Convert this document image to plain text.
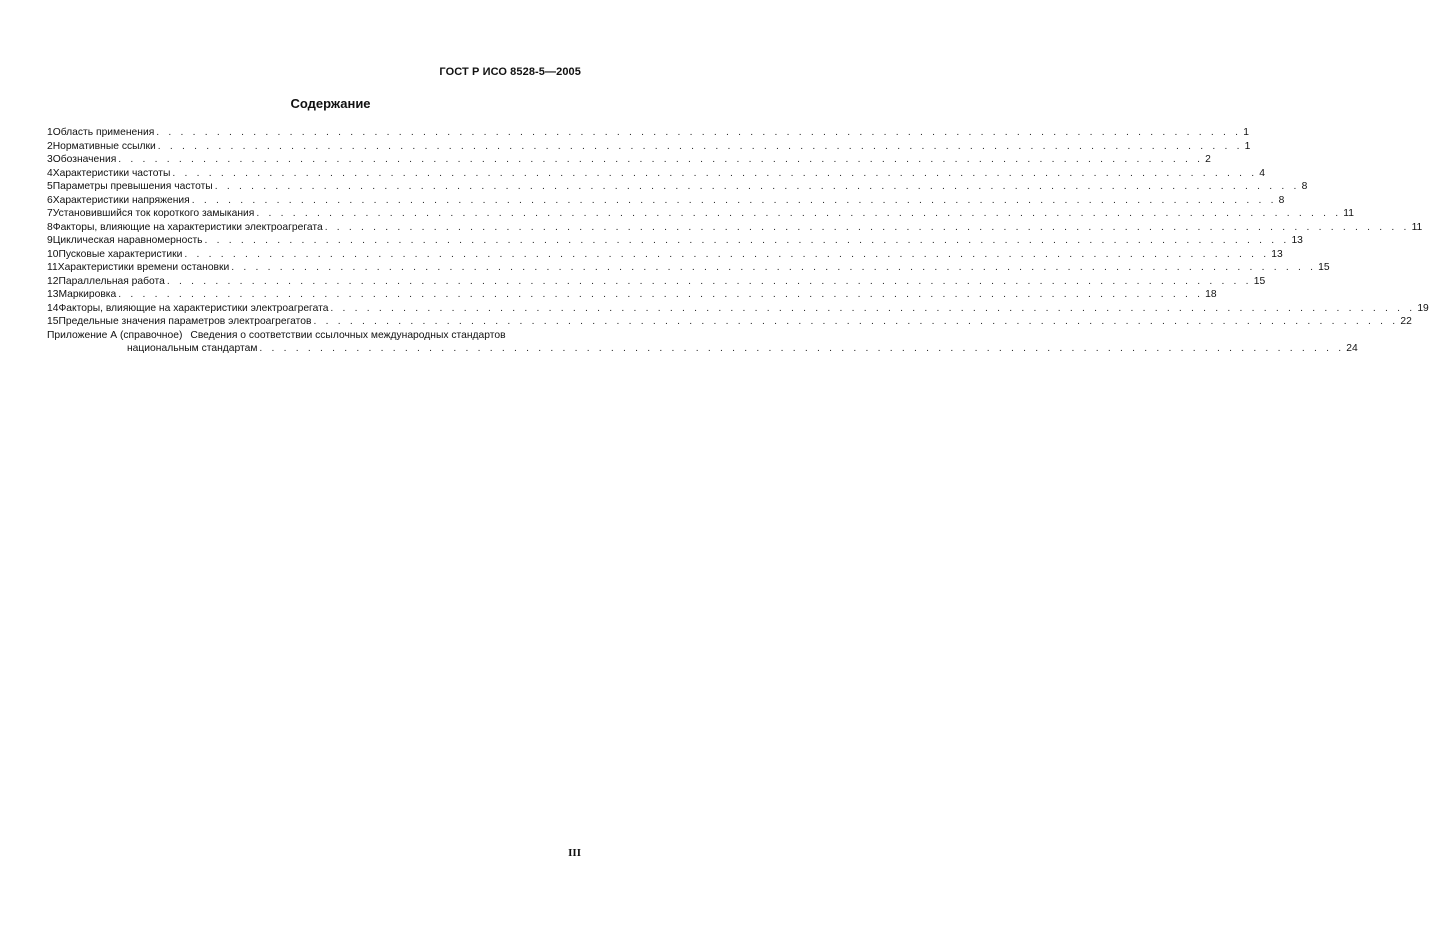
ГОСТ Р ИСО 8528-5—2005
Содержание
1 Область применения . . . . . . . . . . . . . . . . . . . . . . . . . . . . . . . . . . . . . . . . . . . . . . . . . . . . . . . . . . . . . . . . . . . . . . . . . . . . . . . . . . . . . . . . . . 1
2 Нормативные ссылки . . . . . . . . . . . . . . . . . . . . . . . . . . . . . . . . . . . . . . . . . . . . . . . . . . . . . . . . . . . . . . . . . . . . . . . . . . . . . . . . . . . . . . . . . . 1
3 Обозначения . . . . . . . . . . . . . . . . . . . . . . . . . . . . . . . . . . . . . . . . . . . . . . . . . . . . . . . . . . . . . . . . . . . . . . . . . . . . . . . . . . . . . . . . . . 2
4 Характеристики частоты . . . . . . . . . . . . . . . . . . . . . . . . . . . . . . . . . . . . . . . . . . . . . . . . . . . . . . . . . . . . . . . . . . . . . . . . . . . . . . . . . . . . . . . . . . 4
5 Параметры превышения частоты . . . . . . . . . . . . . . . . . . . . . . . . . . . . . . . . . . . . . . . . . . . . . . . . . . . . . . . . . . . . . . . . . . . . . . . . . . . . . . . . . . . . . . . . . . 8
6 Характеристики напряжения . . . . . . . . . . . . . . . . . . . . . . . . . . . . . . . . . . . . . . . . . . . . . . . . . . . . . . . . . . . . . . . . . . . . . . . . . . . . . . . . . . . . . . . . . . 8
7 Установившийся ток короткого замыкания . . . . . . . . . . . . . . . . . . . . . . . . . . . . . . . . . . . . . . . . . . . . . . . . . . . . . . . . . . . . . . . . . . . . . . . . . . . . . . . . . . . . . . . . . . 11
8 Факторы, влияющие на характеристики электроагрегата . . . . . . . . . . . . . . . . . . . . . . . . . . . . . . . . . . . . . . . . . . . . . . . . . . . . . . . . . . . . . . . . . . . . . . . . . . . . . . . . . . . . . . . . . . 11
9 Циклическая наравномерность . . . . . . . . . . . . . . . . . . . . . . . . . . . . . . . . . . . . . . . . . . . . . . . . . . . . . . . . . . . . . . . . . . . . . . . . . . . . . . . . . . . . . . . . . . 13
10 Пусковые характеристики . . . . . . . . . . . . . . . . . . . . . . . . . . . . . . . . . . . . . . . . . . . . . . . . . . . . . . . . . . . . . . . . . . . . . . . . . . . . . . . . . . . . . . . . . . 13
11 Характеристики времени остановки . . . . . . . . . . . . . . . . . . . . . . . . . . . . . . . . . . . . . . . . . . . . . . . . . . . . . . . . . . . . . . . . . . . . . . . . . . . . . . . . . . . . . . . . . . 15
12 Параллельная работа . . . . . . . . . . . . . . . . . . . . . . . . . . . . . . . . . . . . . . . . . . . . . . . . . . . . . . . . . . . . . . . . . . . . . . . . . . . . . . . . . . . . . . . . . . 15
13 Маркировка . . . . . . . . . . . . . . . . . . . . . . . . . . . . . . . . . . . . . . . . . . . . . . . . . . . . . . . . . . . . . . . . . . . . . . . . . . . . . . . . . . . . . . . . . . 18
14 Факторы, влияющие на характеристики электроагрегата . . . . . . . . . . . . . . . . . . . . . . . . . . . . . . . . . . . . . . . . . . . . . . . . . . . . . . . . . . . . . . . . . . . . . . . . . . . . . . . . . . . . . . . . . . 19
15 Предельные значения параметров электроагрегатов . . . . . . . . . . . . . . . . . . . . . . . . . . . . . . . . . . . . . . . . . . . . . . . . . . . . . . . . . . . . . . . . . . . . . . . . . . . . . . . . . . . . . . . . . . 22
Приложение А (справочное) Сведения о соответствии ссылочных международных стандартов
национальным стандартам . . . . . . . . . . . . . . . . . . . . . . . . . . . . . . . . . . . . . . . . . . . . . . . . . . . . . . . . . . . . . . . . . . . . . . . . . . . . . . . . . . . . . . . . . . 24
III
